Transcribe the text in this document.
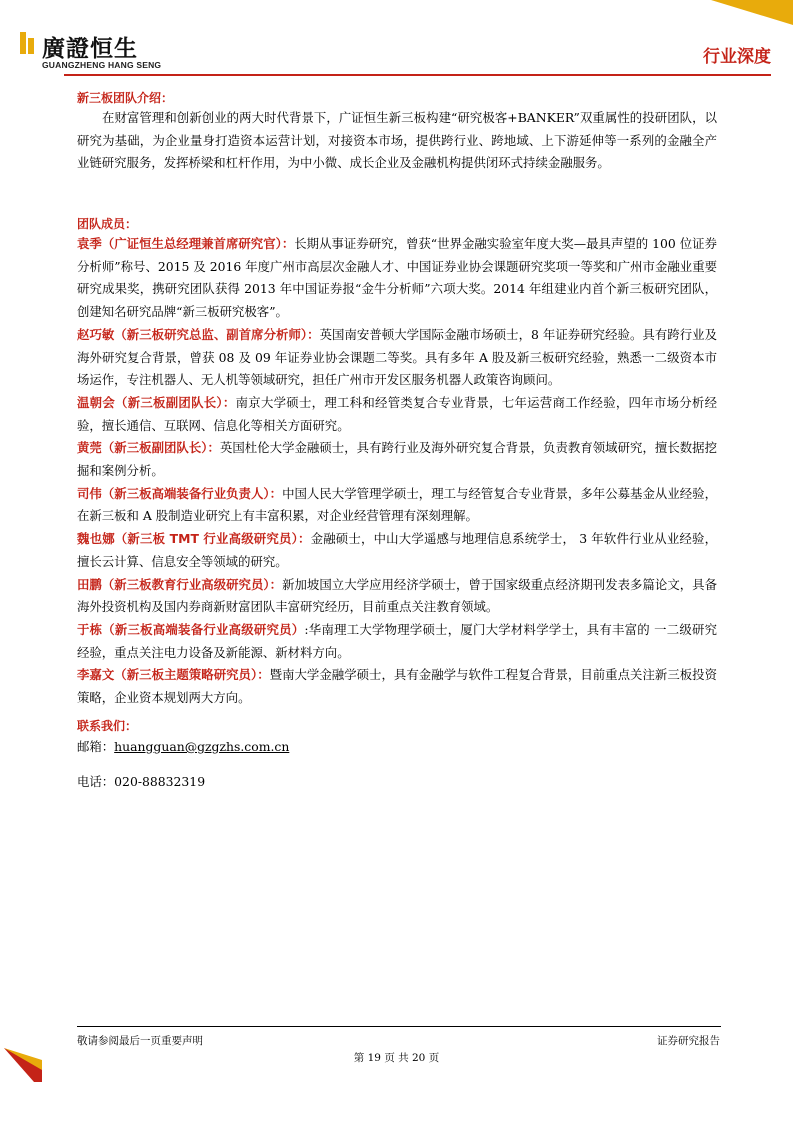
廣證恒生
GUANGZHENG HANG SENG	行业深度
新三板团队介绍：
在财富管理和创新创业的两大时代背景下，广证恒生新三板构建“研究极客+BANKER”双重属性的投研团队，以研究为基础，为企业量身打造资本运营计划，对接资本市场，提供跨行业、跨地域、上下游延伸等一系列的金融全产业链研究服务，发挥桥梁和杠杆作用，为中小微、成长企业及金融机构提供闭环式持续金融服务。
团队成员：
袁季（广证恒生总经理兼首席研究官）：长期从事证券研究，曾获“世界金融实验室年度大奖—最具声望的 100 位证券分析师”称号、2015 及 2016 年度广州市高层次金融人才、中国证券业协会课题研究奖项一等奖和广州市金融业重要研究成果奖，携研究团队获得 2013 年中国证券报“金牛分析师”六项大奖。2014 年组建业内首个新三板研究团队，创建知名研究品牌“新三板研究极客”。
赵巧敏（新三板研究总监、副首席分析师）：英国南安普顿大学国际金融市场硕士，8 年证券研究经验。具有跨行业及海外研究复合背景，曾获 08 及 09 年证券业协会课题二等奖。具有多年 A 股及新三板研究经验，熟悉一二级资本市场运作，专注机器人、无人机等领域研究，担任广州市开发区服务机器人政策咨询顾问。
温朝会（新三板副团队长）：南京大学硕士，理工科和经管类复合专业背景，七年运营商工作经验，四年市场分析经验，擅长通信、互联网、信息化等相关方面研究。
黄莞（新三板副团队长）：英国杜伦大学金融硕士，具有跨行业及海外研究复合背景，负责教育领域研究，擅长数据挖掘和案例分析。
司伟（新三板高端装备行业负责人）：中国人民大学管理学硕士，理工与经管复合专业背景，多年公募基金从业经验，在新三板和 A 股制造业研究上有丰富积累，对企业经营管理有深刻理解。
魏也娜（新三板 TMT 行业高级研究员）：金融硕士，中山大学遥感与地理信息系统学士， 3 年软件行业从业经验，擅长云计算、信息安全等领域的研究。
田鹏（新三板教育行业高级研究员）：新加坡国立大学应用经济学硕士，曾于国家级重点经济期刊发表多篇论文，具备海外投资机构及国内券商新财富团队丰富研究经历，目前重点关注教育领域。
于栋（新三板高端装备行业高级研究员）:华南理工大学物理学硕士，厦门大学材料学学士，具有丰富的 一二级研究经验，重点关注电力设备及新能源、新材料方向。
李嘉文（新三板主题策略研究员）：暨南大学金融学硕士，具有金融学与软件工程复合背景，目前重点关注新三板投资策略，企业资本规划两大方向。
联系我们：
邮箱：huangguan@gzgzhs.com.cn
电话：020-88832319
敬请参阅最后一页重要声明	证券研究报告
第 19 页 共 20 页
